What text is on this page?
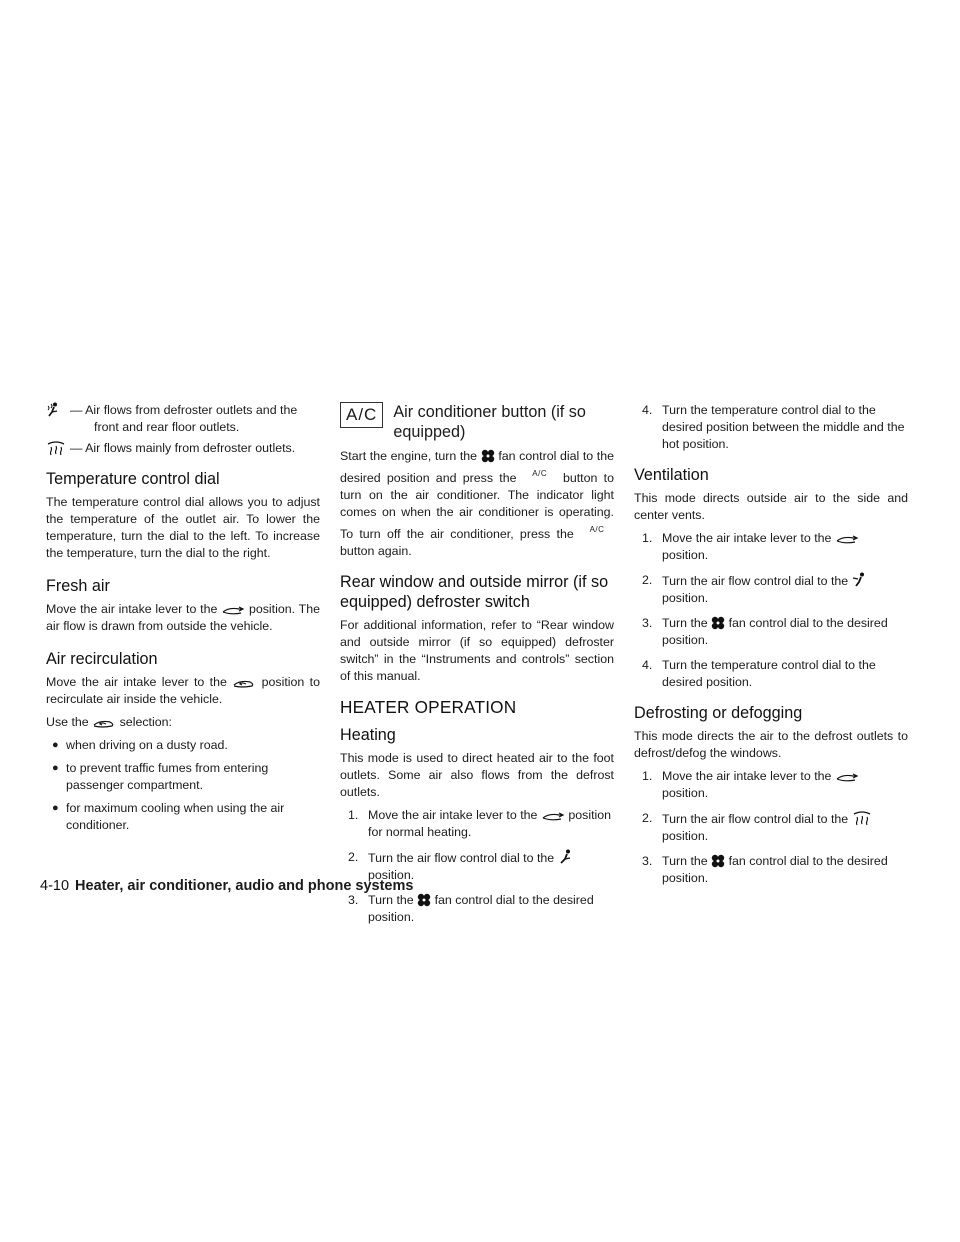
— Air flows from defroster outlets and the front and rear floor outlets.
— Air flows mainly from defroster outlets.
Temperature control dial

The temperature control dial allows you to adjust the temperature of the outlet air. To lower the temperature, turn the dial to the left. To increase the temperature, turn the dial to the right.

Fresh air

Move the air intake lever to the	position. The air flow is drawn from outside the vehicle.

Air recirculation

Move the air intake lever to the	position to recirculate air inside the vehicle.

Use the selection:

● when driving on a dusty road.
● to prevent traffic fumes from entering passenger compartment.
● for maximum cooling when using the air conditioner.
A/C Air conditioner button (if so equipped)

Start the engine, turn the fan control dial to the desired position and press the A/C button to turn on the air conditioner. The indicator light comes on when the air conditioner is operating. To turn off the air conditioner, press the A/C button again.

Rear window and outside mirror (if so equipped) defroster switch

For additional information, refer to “Rear window and outside mirror (if so equipped) defroster switch” in the “Instruments and controls” section of this manual.

HEATER OPERATION
Heating

This mode is used to direct heated air to the foot outlets. Some air also flows from the defrost outlets.

1. Move the air intake lever to the position for normal heating.
2. Turn the air flow control dial to the  position.
3. Turn the fan control dial to the desired position.
4. Turn the temperature control dial to the desired position between the middle and the hot position.
Ventilation

This mode directs outside air to the side and center vents.

1. Move the air intake lever to the  position.
2. Turn the air flow control dial to the  position.
3. Turn the fan control dial to the desired position.
4. Turn the temperature control dial to the desired position.
Defrosting or defogging

This mode directs the air to the defrost outlets to defrost/defog the windows.

1. Move the air intake lever to the  position.
2. Turn the air flow control dial to the  position.
3. Turn the fan control dial to the desired position.
4-10 Heater, air conditioner, audio and phone systems
